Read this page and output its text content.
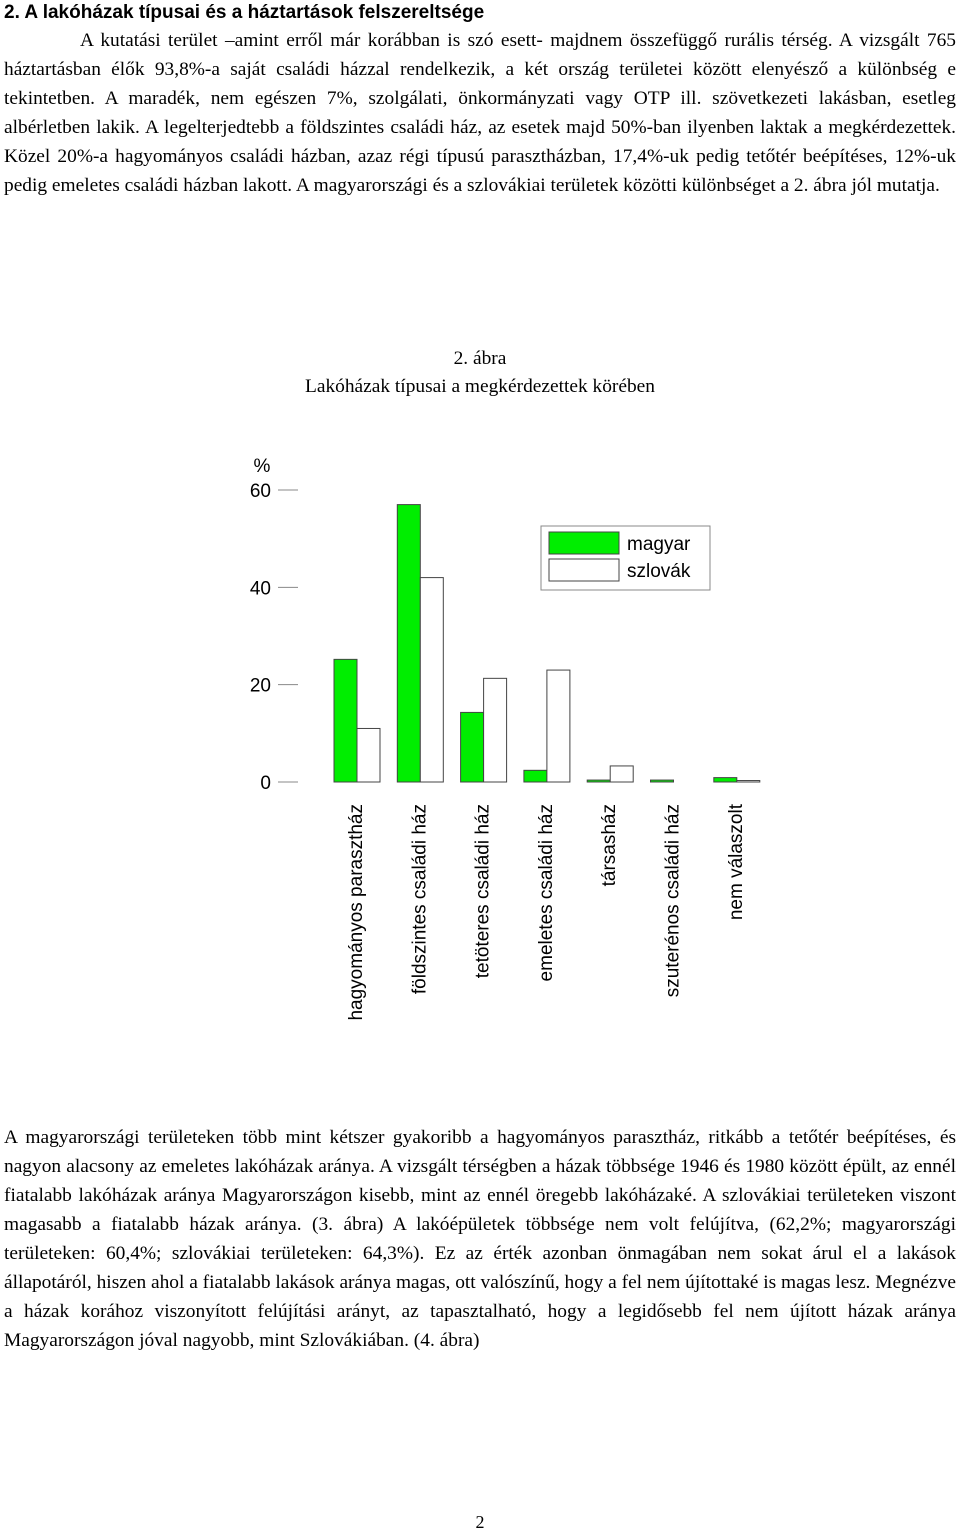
2. A lakóházak típusai és a háztartások felszereltsége

A kutatási terület –amint erről már korábban is szó esett- majdnem összefüggő rurális térség. A vizsgált 765 háztartásban élők 93,8%-a saját családi házzal rendelkezik, a két ország területei között elenyésző a különbség e tekintetben. A maradék, nem egészen 7%, szolgálati, önkormányzati vagy OTP ill. szövetkezeti lakásban, esetleg albérletben lakik. A legelterjedtebb a földszintes családi ház, az esetek majd 50%-ban ilyenben laktak a megkérdezettek. Közel 20%-a hagyományos családi házban, azaz régi típusú parasztházban, 17,4%-uk pedig tetőtér beépítéses, 12%-uk pedig emeletes családi házban lakott. A magyarországi és a szlovákiai területek közötti különbséget a 2. ábra jól mutatja.

2. ábra
Lakóházak típusai a megkérdezettek körében
%
60
40
20
0
hagyományos parasztház földszintes családi ház tetöteres családi ház emeletes családi ház társasház szuterénos családi ház nem válaszolt
magyar
szlovák

A magyarországi területeken több mint kétszer gyakoribb a hagyományos parasztház, ritkább a tetőtér beépítéses, és nagyon alacsony az emeletes lakóházak aránya. A vizsgált térségben a házak többsége 1946 és 1980 között épült, az ennél fiatalabb lakóházak aránya Magyarországon kisebb, mint az ennél öregebb lakóházaké. A szlovákiai területeken viszont magasabb a fiatalabb házak aránya. (3. ábra) A lakóépületek többsége nem volt felújítva, (62,2%; magyarországi területeken: 60,4%; szlovákiai területeken: 64,3%). Ez az érték azonban önmagában nem sokat árul el a lakások állapotáról, hiszen ahol a fiatalabb lakások aránya magas, ott valószínű, hogy a fel nem újítottaké is magas lesz. Megnézve a házak korához viszonyított felújítási arányt, az tapasztalható, hogy a legidősebb fel nem újított házak aránya Magyarországon jóval nagyobb, mint Szlovákiában. (4. ábra)

2
